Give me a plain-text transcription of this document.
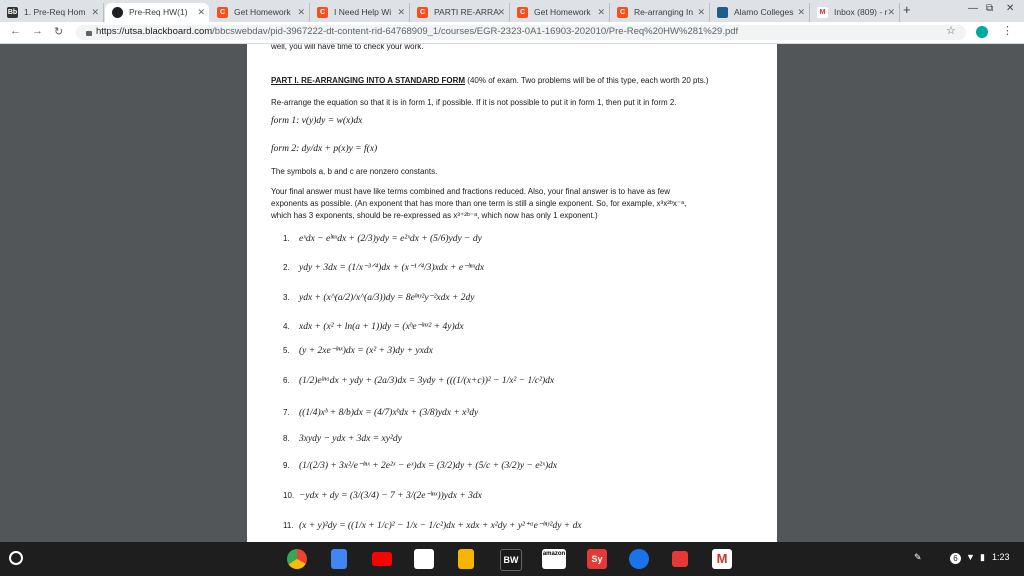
Bb 1. Pre-Req Hom ✕	Pre-Req HW(1) ✕	C	Get Homework ✕	C	I Need Help Wi ✕	C	PARTI RE-ARRA
✕	C	Get Homework ✕	C	Re-arranging In ✕	Alamo Colleges ✕	M	Inbox (809) - r ✕ +	— ⧉ ✕
← → ↻	https://utsa.blackboard.com/bbcswebdav/pid-3967222-dt-content-rid-64768909_1/courses/EGR-2323-0A1-16903-202010/Pre-Req%20HW%281%29.pdf	☆	⋮

well, you will have time to check your work.

PART I. RE-ARRANGING INTO A STANDARD FORM (40% of exam. Two problems will be of this type, each worth 20 pts.)

Re-arrange the equation so that it is in form 1, if possible. If it is not possible to put it in form 1, then put it in form 2.

form 1: v(y)dy = w(x)dx

form 2: dy/dx + p(x)y = f(x)

The symbols a, b and c are nonzero constants.

Your final answer must have like terms combined and fractions reduced. Also, your final answer is to have as few

exponents as possible. (An exponent that has more than one term is still a single exponent. So, for example, x³x²ᵇx⁻ᵃ,

which has 3 exponents, should be re-expressed as x³⁺²ᵇ⁻ᵃ, which now has only 1 exponent.)

1. eˣdx − eˡⁿˣdx + (2/3)ydy = e²ˣdx + (5/6)ydy − dy
2. ydy + 3dx = (1/x⁻³ᐟ⁴)dx + (x⁻¹ᐟ⁴/3)xdx + e⁻ˡⁿˣdx
3. ydx + (x^(a/2)/x^(a/3))dy = 8eˡⁿʸ²y⁻²xdx + 2dy
4. xdx + (x² + ln(a + 1))dy = (xᵇe⁻ˡⁿˣ² + 4y)dx
5. (y + 2xe⁻ˡⁿˣ)dx = (x² + 3)dy + yxdx
6. (1/2)eˡⁿᵃdx + ydy + (2a/3)dx = 3ydy + (((1/(x+c))² − 1/x² − 1/c²)dx
7. ((1/4)xᵇ + 8/b)dx = (4/7)xᵇdx + (3/8)ydx + x³dy
8. 3xydy − ydx + 3dx = xy²dy
9. (1/(2/3) + 3x²/e⁻ˡⁿˣ + 2e²ˣ − eˣ)dx = (3/2)dy + (5/c + (3/2)y − e²ˣ)dx
10. −ydx + dy = (3/(3/4) − 7 + 3/(2e⁻ˡⁿˣ))ydx + 3dx
11. (x + y)²dy = ((1/x + 1/c)² − 1/x − 1/c²)dx + xdx + x²dy + y²⁺ᵃe⁻ˡⁿʸ²dy + dx
BW
amazon	Sy	M	✎	6 ▼ ▮ 1:23
